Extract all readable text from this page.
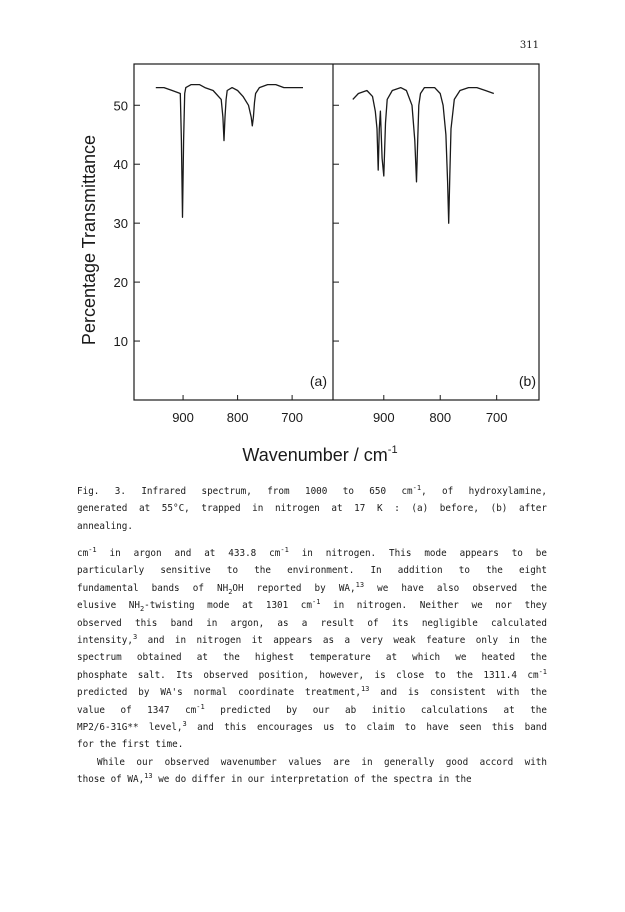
311
10
20
30
40
50
900	800	700	900	800	700
Percentage Transmittance
Wavenumber / $cm^{-1}$
(a)	(b)
Fig. 3. Infrared spectrum, from 1000 to 650 $cm^{-1}$, of hydroxylamine,
generated at 55°C, trapped in nitrogen at 17 K : (a) before, (b) after
annealing.
$cm^{-1}$ in argon and at 433.8 $cm^{-1}$ in nitrogen. This mode appears to be
particularly sensitive to the environment. In addition to the eight
fundamental bands of $NH_2OH$ reported by WA,$^{13}$ we have also observed the
elusive $NH_2$-twisting mode at 1301 $cm^{-1}$ in nitrogen. Neither we nor they
observed this band in argon, as a result of its negligible calculated
intensity,$^3$ and in nitrogen it appears as a very weak feature only in the
spectrum obtained at the highest temperature at which we heated the
phosphate salt. Its observed position, however, is close to the 1311.4 $cm^{-1}$
predicted by WA's normal coordinate treatment,$^{13}$ and is consistent with the
value of 1347 $cm^{-1}$ predicted by our ab initio calculations at the
MP2/6-31G** level,$^3$ and this encourages us to claim to have seen this band
for the first time.
While our observed wavenumber values are in generally good accord with
those of WA,$^{13}$ we do differ in our interpretation of the spectra in the
